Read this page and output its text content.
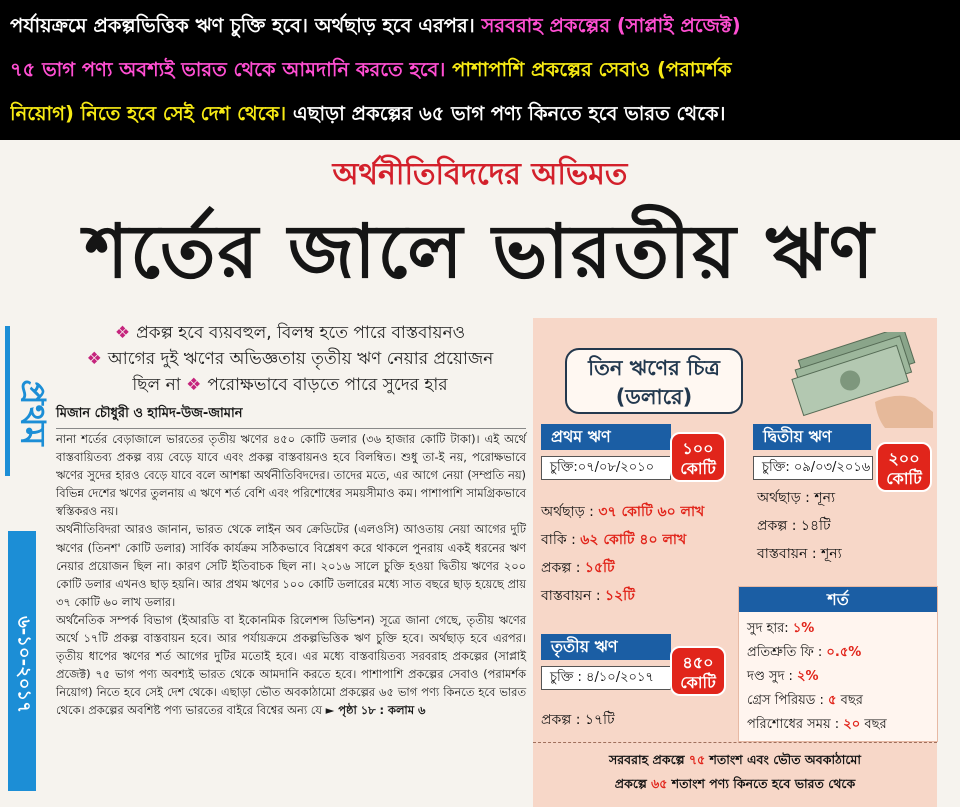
পর্যায়ক্রমে প্রকল্পভিত্তিক ঋণ চুক্তি হবে। অর্থছাড় হবে এরপর। সরবরাহ প্রকল্পের (সাপ্লাই প্রজেক্ট)
৭৫ ভাগ পণ্য অবশ্যই ভারত থেকে আমদানি করতে হবে। পাশাপাশি প্রকল্পের সেবাও (পরামর্শক
নিয়োগ) নিতে হবে সেই দেশ থেকে। এছাড়া প্রকল্পের ৬৫ ভাগ পণ্য কিনতে হবে ভারত থেকে।
অর্থনীতিবিদদের অভিমত
শর্তের জালে ভারতীয় ঋণ
প্রথম
৬-১০-২০১৭
❖ প্রকল্প হবে ব্যয়বহুল, বিলম্ব হতে পারে বাস্তবায়নও
❖ আগের দুই ঋণের অভিজ্ঞতায় তৃতীয় ঋণ নেয়ার প্রয়োজন
ছিল না ❖ পরোক্ষভাবে বাড়তে পারে সুদের হার
মিজান চৌধুরী ও হামিদ-উজ-জামান

নানা শর্তের বেড়াজালে ভারতের তৃতীয় ঋণের ৪৫০ কোটি ডলার (৩৬ হাজার কোটি টাকা)। এই অর্থে বাস্তবায়িতব্য প্রকল্প ব্যয় বেড়ে যাবে এবং প্রকল্প বাস্তবায়নও হবে বিলম্বিত। শুধু তা-ই নয়, পরোক্ষভাবে ঋণের সুদের হারও বেড়ে যাবে বলে আশঙ্কা অর্থনীতিবিদদের। তাদের মতে, এর আগে নেয়া (সম্প্রতি নয়) বিভিন্ন দেশের ঋণের তুলনায় এ ঋণে শর্ত বেশি এবং পরিশোধের সময়সীমাও কম। পাশাপাশি সামগ্রিকভাবে স্বস্তিকরও নয়।

অর্থনীতিবিদরা আরও জানান, ভারত থেকে লাইন অব ক্রেডিটের (এলওসি) আওতায় নেয়া আগের দুটি ঋণের (তিনশ' কোটি ডলার) সার্বিক কার্যক্রম সঠিকভাবে বিশ্লেষণ করে থাকলে পুনরায় একই ধরনের ঋণ নেয়ার প্রয়োজন ছিল না। কারণ সেটি ইতিবাচক ছিল না। ২০১৬ সালে চুক্তি হওয়া দ্বিতীয় ঋণের ২০০ কোটি ডলার এখনও ছাড় হয়নি। আর প্রথম ঋণের ১০০ কোটি ডলারের মধ্যে সাত বছরে ছাড় হয়েছে প্রায় ৩৭ কোটি ৬০ লাখ ডলার।

অর্থনৈতিক সম্পর্ক বিভাগ (ইআরডি বা ইকোনমিক রিলেশন্স ডিভিশন) সূত্রে জানা গেছে, তৃতীয় ঋণের অর্থে ১৭টি প্রকল্প বাস্তবায়ন হবে। আর পর্যায়ক্রমে প্রকল্পভিত্তিক ঋণ চুক্তি হবে। অর্থছাড় হবে এরপর। তৃতীয় ধাপের ঋণের শর্ত আগের দুটির মতোই হবে। এর মধ্যে বাস্তবায়িতব্য সরবরাহ প্রকল্পের (সাপ্লাই প্রজেক্ট) ৭৫ ভাগ পণ্য অবশ্যই ভারত থেকে আমদানি করতে হবে। পাশাপাশি প্রকল্পের সেবাও (পরামর্শক নিয়োগ) নিতে হবে সেই দেশ থেকে। এছাড়া ভৌত অবকাঠামো প্রকল্পের ৬৫ ভাগ পণ্য কিনতে হবে ভারত থেকে। প্রকল্পের অবশিষ্ট পণ্য ভারতের বাইরে বিশ্বের অন্য যে ► পৃষ্ঠা ১৮ : কলাম ৬

তিন ঋণের চিত্র
(ডলারে)
প্রথম ঋণ
চুক্তি:০৭/০৮/২০১০
১০০
কোটি
অর্থছাড় : ৩৭ কোটি ৬০ লাখ
বাকি : ৬২ কোটি ৪০ লাখ
প্রকল্প : ১৫টি
বাস্তবায়ন : ১২টি
দ্বিতীয় ঋণ
চুক্তি: ০৯/০৩/২০১৬	২০০
কোটি
অর্থছাড় : শূন্য
প্রকল্প : ১৪টি
বাস্তবায়ন : শূন্য
তৃতীয় ঋণ
চুক্তি : ৪/১০/২০১৭
৪৫০
কোটি
প্রকল্প : ১৭টি
শর্ত
সুদ হার: ১%
প্রতিশ্রুতি ফি : ০.৫%
দণ্ড সুদ : ২%
গ্রেস পিরিয়ড : ৫ বছর
পরিশোধের সময় : ২০ বছর
সরবরাহ প্রকল্পে ৭৫ শতাংশ এবং ভৌত অবকাঠামো
প্রকল্পে ৬৫ শতাংশ পণ্য কিনতে হবে ভারত থেকে
